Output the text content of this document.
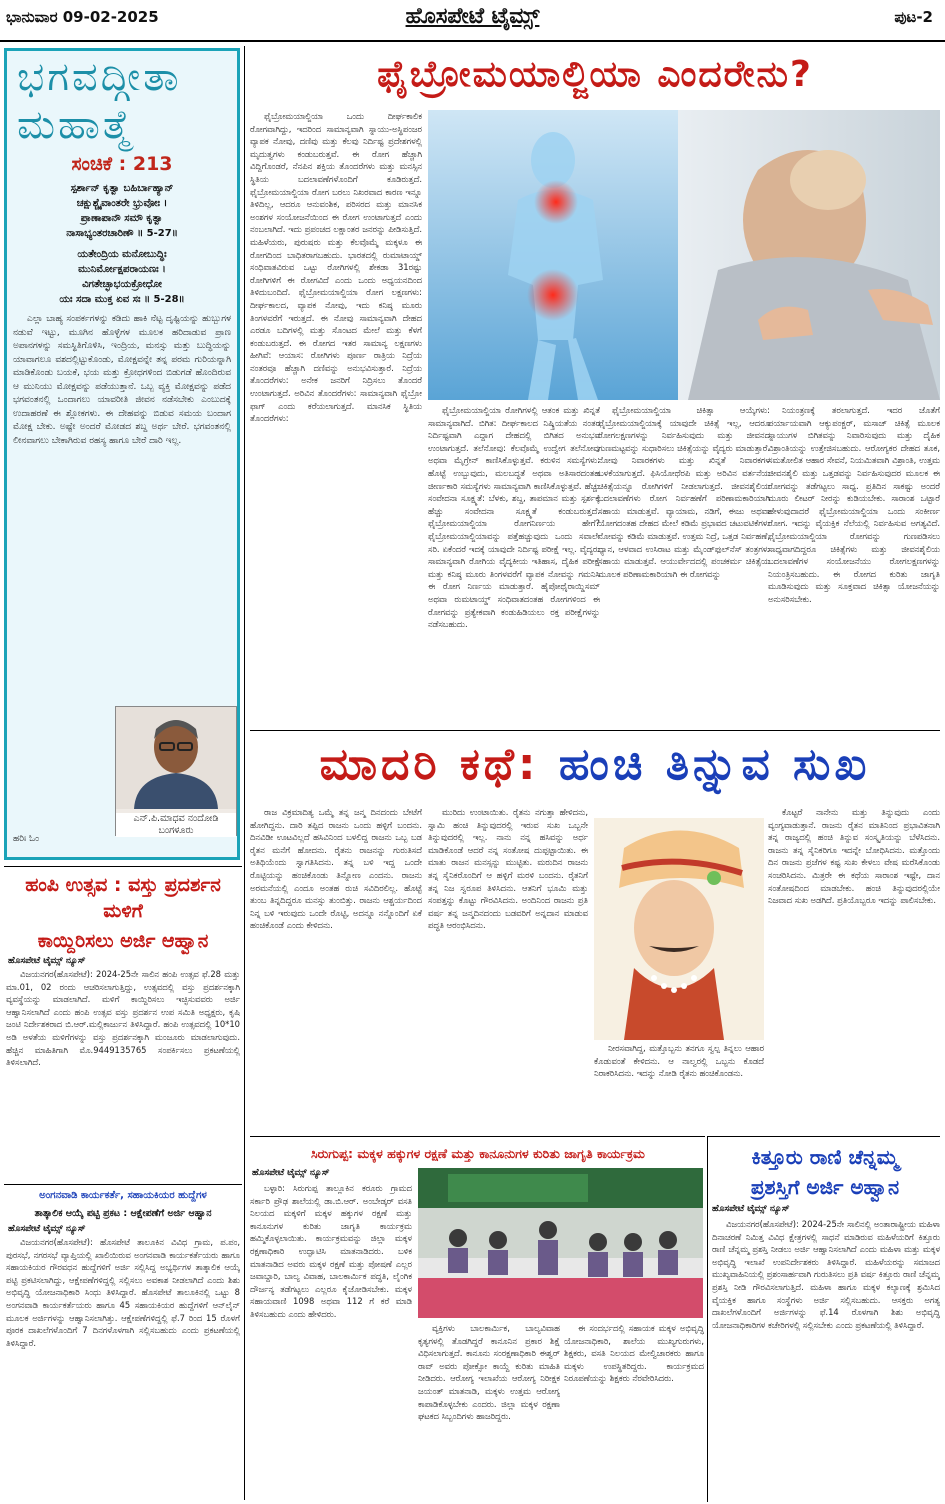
ಭಾನುವಾರ 09-02-2025	ಹೊಸಪೇಟೆ ಟೈಮ್ಸ್	ಪುಟ-2
ಭಗವದ್ಗೀತಾ
ಮಹಾತ್ಮೆ
ಸಂಚಿಕೆ : 213
ಸ್ಪರ್ಶಾನ್ ಕೃತ್ವಾ ಬಹಿರ್ಬಾಹ್ಯಾನ್
ಚಕ್ಷುಶ್ಚೈವಾಂತರೇ ಭ್ರುವೋಃ ।
ಪ್ರಾಣಾಪಾನೌ ಸಮೌ ಕೃತ್ವಾ
ನಾಸಾಭ್ಯಂತರಚಾರಿಣೌ ॥ 5-27॥
ಯತೇಂದ್ರಿಯ ಮನೋಬುದ್ಧಿಃ
ಮುನಿರ್ಮೋಕ್ಷಪರಾಯಣಃ ।
ವಿಗತೇಚ್ಛಾಭಯಕ್ರೋಧೋ
ಯಃ ಸದಾ ಮುಕ್ತ ಏವ ಸಃ ॥ 5-28॥

ಎಲ್ಲಾ ಬಾಹ್ಯ ಸಂಪರ್ಕಗಳನ್ನು ಕಡಿದು ಹಾಕಿ ನೆಟ್ಟ ದೃಷ್ಟಿಯನ್ನು ಹುಬ್ಬುಗಳ ನಡುವೆ ಇಟ್ಟು, ಮೂಗಿನ ಹೊಳ್ಳೆಗಳ ಮೂಲಕ ಹರಿದಾಡುವ ಪ್ರಾಣ ಅಪಾನಗಳನ್ನು ಸಮಸ್ಥಿತಿಗೊಳಿಸಿ, ಇಂದ್ರಿಯ, ಮನಸ್ಸು ಮತ್ತು ಬುದ್ಧಿಯನ್ನು ಯಾವಾಗಲೂ ವಶದಲ್ಲಿಟ್ಟುಕೊಂಡು, ಮೋಕ್ಷವನ್ನೇ ತನ್ನ ಪರಮ ಗುರಿಯನ್ನಾಗಿ ಮಾಡಿಕೊಂಡು ಬಯಕೆ, ಭಯ ಮತ್ತು ಕ್ರೋಧಗಳಿಂದ ಬಿಡುಗಡೆ ಹೊಂದಿರುವ ಆ ಮುನಿಯು ಮೋಕ್ಷವನ್ನು ಪಡೆಯುತ್ತಾನೆ. ಒಬ್ಬ ವ್ಯಕ್ತಿ ಮೋಕ್ಷವನ್ನು ಪಡೆದ ಭಗವಂತನಲ್ಲಿ ಒಂದಾಗಲು ಯಾವರೀತಿ ಜೀವನ ನಡೆಸಬೇಕು ಎಂಬುದಕ್ಕೆ ಉದಾಹರಣೆ ಈ ಶ್ಲೋಕಗಳು. ಈ ದೇಹವನ್ನು ಬಿಡುವ ಸಮಯ ಬಂದಾಗ ಮೋಕ್ಷ ಬೇಕು. ಅಷ್ಟೇ ಅಂದರೆ ಮೋಡದ ಶಬ್ದ ಅರ್ಥ ಬೇರೆ. ಭಗವಂತನಲ್ಲಿ ಲೀನವಾಗಲು ಬೇಕಾಗಿರುವ ರಹಸ್ಯ ಹಾಗೂ ಬೇರೆ ದಾರಿ ಇಲ್ಲ.

ಹರಿಃ ಓಂ

ಎನ್.ಪಿ.ಮಾಧವ ನಂದೋಡಿ
ಬಂಗಳೂರು
ಫೈಬ್ರೋಮಯಾಲ್ಜಿಯಾ ಎಂದರೇನು?

ಫೈಬ್ರೋಮಯಾಲ್ಜಿಯಾ ಒಂದು ದೀರ್ಘಕಾಲಿಕ ರೋಗವಾಗಿದ್ದು, ಇದರಿಂದ ಸಾಮಾನ್ಯವಾಗಿ ಸ್ನಾಯು-ಅಸ್ಥಿಪಂಜರ ವ್ಯಾಪಕ ನೋವು, ದಣಿವು ಮತ್ತು ಕೆಲವು ನಿರ್ದಿಷ್ಟ ಪ್ರದೇಶಗಳಲ್ಲಿ ಮೃದುತ್ವಗಳು ಕಂಡುಬರುತ್ತವೆ. ಈ ರೋಗ ಹೆಚ್ಚಾಗಿ ವಿದ್ದಿಗೊಂಡರೆ, ನೆನಪಿನ ಶಕ್ತಿಯ ತೊಂದರೆಗಳು ಮತ್ತು ಮನಸ್ಸಿನ ಸ್ಥಿತಿಯ ಬದಲಾವಣೆಗಳೊಂದಿಗೆ ಕೂಡಿರುತ್ತದೆ. ಫೈಬ್ರೋಮಯಾಲ್ಜಿಯಾ ರೋಗ ಬರಲು ನಿಖರವಾದ ಕಾರಣ ಇನ್ನೂ ತಿಳಿದಿಲ್ಲ, ಆದರೂ ಆನುವಂಶಿಕ, ಪರಿಸರದ ಮತ್ತು ಮಾನಸಿಕ ಅಂಶಗಳ ಸಂಯೋಜನೆಯಿಂದ ಈ ರೋಗ ಉಂಟಾಗುತ್ತದೆ ಎಂದು ನಂಬಲಾಗಿದೆ. ಇದು ಪ್ರಪಂಚದ ಲಕ್ಷಾಂತರ ಜನರನ್ನು ಪೀಡಿಸುತ್ತಿದೆ. ಮಹಿಳೆಯರು, ಪುರುಷರು ಮತ್ತು ಕೆಲವೊಮ್ಮೆ ಮಕ್ಕಳೂ ಈ ರೋಗದಿಂದ ಬಾಧಿತರಾಗಬಹುದು. ಭಾರತದಲ್ಲಿ ರುಮಾಟಾಯ್ಡ್ ಸಂಧಿವಾತವಿರುವ ಒಟ್ಟು ರೋಗಿಗಳಲ್ಲಿ ಶೇಕಡಾ 31ರಷ್ಟು ರೋಗಿಗಳಿಗೆ ಈ ರೋಗವಿದೆ ಎಂದು ಒಂದು ಅಧ್ಯಯನದಿಂದ ತಿಳಿದುಬಂದಿದೆ. ಫೈಬ್ರೋಮಯಾಲ್ಜಿಯಾ ರೋಗ ಲಕ್ಷಣಗಳು: ದೀರ್ಘಕಾಲದ, ವ್ಯಾಪಕ ನೋವು, ಇದು ಕನಿಷ್ಠ ಮೂರು ತಿಂಗಳವರೆಗೆ ಇರುತ್ತದೆ. ಈ ನೋವು ಸಾಮಾನ್ಯವಾಗಿ ದೇಹದ ಎರಡೂ ಬದಿಗಳಲ್ಲಿ ಮತ್ತು ಸೊಂಟದ ಮೇಲೆ ಮತ್ತು ಕೆಳಗೆ ಕಂಡುಬರುತ್ತದೆ. ಈ ರೋಗದ ಇತರ ಸಾಮಾನ್ಯ ಲಕ್ಷಣಗಳು ಹೀಗಿವೆ: ಆಯಾಸ: ರೋಗಿಗಳು ಪೂರ್ಣ ರಾತ್ರಿಯ ನಿದ್ರೆಯ ನಂತರವೂ ಹೆಚ್ಚಾಗಿ ದಣಿವನ್ನು ಅನುಭವಿಸುತ್ತಾರೆ. ನಿದ್ರೆಯ ತೊಂದರೆಗಳು: ಅನೇಕ ಜನರಿಗೆ ನಿದ್ರಿಸಲು ತೊಂದರೆ ಉಂಟಾಗುತ್ತದೆ. ಅರಿವಿನ ತೊಂದರೆಗಳು: ಸಾಮಾನ್ಯವಾಗಿ ಫೈಬ್ರೋ ಫಾಗ್ ಎಂದು ಕರೆಯಲಾಗುತ್ತದೆ. ಮಾನಸಿಕ ಸ್ಥಿತಿಯ ತೊಂದರೆಗಳು:

ಫೈಬ್ರೋಮಯಾಲ್ಜಿಯಾ ರೋಗಿಗಳಲ್ಲಿ ಆತಂಕ ಮತ್ತು ಖಿನ್ನತೆ ಸಾಮಾನ್ಯವಾಗಿದೆ. ಬಿಗಿತ: ದೀರ್ಘಕಾಲದ ನಿಷ್ಕ್ರಿಯತೆಯ ನಂತರ ನಿರ್ದಿಷ್ಟವಾಗಿ ಎದ್ದಾಗ ದೇಹದಲ್ಲಿ ಬಿಗಿತದ ಅನುಭವ ಉಂಟಾಗುತ್ತದೆ. ತಲೆನೋವು: ಕೆಲವೊಮ್ಮೆ ಉದ್ವೇಗ ತಲೆನೋವು ಅಥವಾ ಮೈಗ್ರೇನ್ ಕಾಣಿಸಿಕೊಳ್ಳುತ್ತವೆ. ಕರುಳಿನ ಸಮಸ್ಯೆಗಳು: ಹೊಟ್ಟೆ ಉಬ್ಬುವುದು, ಮಲಬದ್ಧತೆ ಅಥವಾ ಅತಿಸಾರದಂತಹ ಜೀರ್ಣಕಾರಿ ಸಮಸ್ಯೆಗಳು ಸಾಮಾನ್ಯವಾಗಿ ಕಾಣಿಸಿಕೊಳ್ಳುತ್ತವೆ. ಹೆಚ್ಚು ಸಂವೇದನಾ ಸೂಕ್ಷ್ಮತೆ: ಬೆಳಕು, ಶಬ್ದ, ತಾಪಮಾನ ಮತ್ತು ಸ್ಪರ್ಶಕ್ಕೆ ಹೆಚ್ಚು ಸಂವೇದನಾ ಸೂಕ್ಷ್ಮತೆ ಕಂಡುಬರುತ್ತದೆ. ಫೈಬ್ರೋಮಯಾಲ್ಜಿಯಾ ರೋಗನಿರ್ಣಯ ಹೇಗೆ? ಫೈಬ್ರೋಮಯಾಲ್ಜಿಯಾವನ್ನು ಪತ್ತೆಹಚ್ಚುವುದು ಒಂದು ಸವಾಲೇ ಸರಿ. ಏಕೆಂದರೆ ಇದಕ್ಕೆ ಯಾವುದೇ ನಿರ್ದಿಷ್ಟ ಪರೀಕ್ಷೆ ಇಲ್ಲ. ವೈದ್ಯರು ಸಾಮಾನ್ಯವಾಗಿ ರೋಗಿಯ ವೈದ್ಯಕೀಯ ಇತಿಹಾಸ, ದೈಹಿಕ ಪರೀಕ್ಷೆ ಮತ್ತು ಕನಿಷ್ಠ ಮೂರು ತಿಂಗಳವರೆಗೆ ವ್ಯಾಪಕ ನೋವನ್ನು ಗಮನಿಸಿ ಈ ರೋಗ ನಿರ್ಣಯ ಮಾಡುತ್ತಾರೆ. ಹೈಪೋಥೈರಾಯ್ಡಿಸಮ್ ಅಥವಾ ರುಮಟಾಯ್ಡ್ ಸಂಧಿವಾತದಂತಹ ರೋಗಗಳಿಂದ ಈ ರೋಗವನ್ನು ಪ್ರತ್ಯೇಕವಾಗಿ ಕಂಡುಹಿಡಿಯಲು ರಕ್ತ ಪರೀಕ್ಷೆಗಳನ್ನು ನಡೆಸಬಹುದು.

ಫೈಬ್ರೋಮಯಾಲ್ಜಿಯಾ ಚಿಕಿತ್ಸಾ ಆಯ್ಕೆಗಳು: ಫೈಬ್ರೋಮಯಾಲ್ಜಿಯಾಕ್ಕೆ ಯಾವುದೇ ಚಿಕಿತ್ಸೆ ಇಲ್ಲ, ಆದರೂ ರೋಗಲಕ್ಷಣಗಳನ್ನು ನಿರ್ವಹಿಸುವುದು ಮತ್ತು ಜೀವನದ ಗುಣಮಟ್ಟವನ್ನು ಸುಧಾರಿಸಲು ಚಿಕಿತ್ಸೆಯನ್ನು ವೈದ್ಯರು ಮಾಡುತ್ತಾರೆ. ನೋವು ನಿವಾರಕಗಳು ಮತ್ತು ಖಿನ್ನತೆ ನಿವಾರಕಗಳ ಬಳಕೆಯಾಗುತ್ತದೆ. ಫಿಸಿಯೋಥೆರಪಿ ಮತ್ತು ಅರಿವಿನ ವರ್ತನೆಯ ಚಿಕಿತ್ಸೆಯನ್ನೂ ರೋಗಿಗಳಿಗೆ ನೀಡಲಾಗುತ್ತದೆ. ಜೀವನಶೈಲಿಯ ಬದಲಾವಣೆಗಳು ರೋಗ ನಿರ್ವಹಣೆಗೆ ಪರಿಣಾಮಕಾರಿಯಾಗಿ ಸಹಾಯ ಮಾಡುತ್ತವೆ. ವ್ಯಾಯಾಮ, ನಡಿಗೆ, ಈಜು ಅಥವಾ ಯೋಗದಂತಹ ದೇಹದ ಮೇಲೆ ಕಡಿಮೆ ಪ್ರಭಾವದ ಚಟುವಟಿಕೆಗಳು ನೋವನ್ನು ಕಡಿಮೆ ಮಾಡುತ್ತವೆ. ಉತ್ತಮ ನಿದ್ರೆ, ಒತ್ತಡ ನಿರ್ವಹಣೆ, ಧ್ಯಾನ, ಆಳವಾದ ಉಸಿರಾಟ ಮತ್ತು ಮೈಂಡ್‌ಫುಲ್‌ನೆಸ್ ತಂತ್ರಗಳು ಸಹಾಯ ಮಾಡುತ್ತವೆ. ಆಯುರ್ವೇದದಲ್ಲಿ ಪಂಚಕರ್ಮ ಚಿಕಿತ್ಸೆಯ ಮೂಲಕ ಪರಿಣಾಮಕಾರಿಯಾಗಿ ಈ ರೋಗವನ್ನು

ನಿಯಂತ್ರಣಕ್ಕೆ ತರಲಾಗುತ್ತದೆ. ಇದರ ಜೊತೆಗೆ ಪರ್ಯಾಯವಾಗಿ ಆಕ್ಯುಪಂಕ್ಚರ್, ಮಸಾಜ್ ಚಿಕಿತ್ಸೆ ಮೂಲಕ ಸ್ನಾಯುಗಳ ಬಿಗಿತವನ್ನು ನಿವಾರಿಸುವುದು ಮತ್ತು ದೈಹಿಕ ವಿಶ್ರಾಂತಿಯನ್ನು ಉತ್ತೇಜಿಸಬಹುದು. ಆರೋಗ್ಯಕರ ದೇಹದ ತೂಕ, ಸಮತೋಲಿತ ಆಹಾರ ಸೇವನೆ, ನಿಯಮಿತವಾಗಿ ವಿಶ್ರಾಂತಿ, ಉತ್ತಮ ಜೀವನಶೈಲಿ ಮತ್ತು ಒತ್ತಡವನ್ನು ನಿರ್ವಹಿಸುವುದರ ಮೂಲಕ ಈ ರೋಗವನ್ನು ತಡೆಗಟ್ಟಲು ಸಾಧ್ಯ. ಪ್ರತಿದಿನ ಸಾಕಷ್ಟು ಅಂದರೆ ಮೂರು ಲೀಟರ್ ನೀರನ್ನು ಕುಡಿಯಬೇಕು. ಸಾರಾಂಶ ಒಟ್ಟಾರೆ ಹೇಳುವುದಾದರೆ ಫೈಬ್ರೋಮಯಾಲ್ಜಿಯಾ ಒಂದು ಸಂಕೀರ್ಣ ರೋಗ. ಇದನ್ನು ವೈಯಕ್ತಿಕ ನೆಲೆಯಲ್ಲಿ ನಿರ್ವಹಿಸುವ ಅಗತ್ಯವಿದೆ. ಫೈಬ್ರೋಮಯಾಲ್ಜಿಯಾ ರೋಗವನ್ನು ಗುಣಪಡಿಸಲು ಸಾಧ್ಯವಾಗದಿದ್ದರೂ ಚಿಕಿತ್ಸೆಗಳು ಮತ್ತು ಜೀವನಶೈಲಿಯ ಬದಲಾವಣೆಗಳ ಸಂಯೋಜನೆಯು ರೋಗಲಕ್ಷಣಗಳನ್ನು ನಿಯಂತ್ರಿಸಬಹುದು. ಈ ರೋಗದ ಕುರಿತು ಜಾಗೃತಿ ಮೂಡಿಸುವುದು ಮತ್ತು ಸೂಕ್ತವಾದ ಚಿಕಿತ್ಸಾ ಯೋಜನೆಯನ್ನು ಅನುಸರಿಸಬೇಕು.

ಮಾದರಿ ಕಥೆ: ಹಂಚಿ ತಿನ್ನುವ ಸುಖ

ರಾಜ ವಿಕ್ರಮಾದಿತ್ಯ ಒಮ್ಮೆ ತನ್ನ ಜನ್ಮ ದಿನದಂದು ಬೇಟೆಗೆ ಹೋಗಿದ್ದನು. ದಾರಿ ತಪ್ಪಿದ ರಾಜನು ಒಂದು ಹಳ್ಳಿಗೆ ಬಂದನು. ದಿನವಿಡೀ ಊಟವಿಲ್ಲದೆ ಹಸಿವಿನಿಂದ ಬಳಲಿದ್ದ ರಾಜನು ಒಬ್ಬ ಬಡ ರೈತನ ಮನೆಗೆ ಹೋದನು. ರೈತನು ರಾಜನನ್ನು ಗುರುತಿಸದೆ ಅತಿಥಿಯೆಂದು ಸ್ವಾಗತಿಸಿದನು. ತನ್ನ ಬಳಿ ಇದ್ದ ಒಂದೇ ರೊಟ್ಟಿಯನ್ನು ಹಂಚಿಕೊಂಡು ತಿನ್ನೋಣ ಎಂದನು. ರಾಜನು ಅರಮನೆಯಲ್ಲಿ ಎಂದೂ ಅಂತಹ ರುಚಿ ಸವಿದಿರಲಿಲ್ಲ. ಹೊಟ್ಟೆ ತುಂಬ ತಿನ್ನದಿದ್ದರೂ ಮನಸ್ಸು ತುಂಬಿತ್ತು. ರಾಜನು ಆಶ್ಚರ್ಯದಿಂದ ನಿನ್ನ ಬಳಿ ಇರುವುದು ಒಂದೇ ರೊಟ್ಟಿ, ಅದನ್ನೂ ನನ್ನೊಂದಿಗೆ ಏಕೆ ಹಂಚಿಕೊಂಡೆ ಎಂದು ಕೇಳಿದನು.

ಮುರಿದು ಉಂಟಾಯಿತು. ರೈತನು ನಗುತ್ತಾ ಹೇಳಿದನು, ಸ್ವಾಮಿ ಹಂಚಿ ತಿನ್ನುವುದರಲ್ಲಿ ಇರುವ ಸುಖ ಒಬ್ಬನೇ ತಿನ್ನುವುದರಲ್ಲಿ ಇಲ್ಲ. ನಾನು ನನ್ನ ಹಸಿವನ್ನು ಅರ್ಧ ಮಾಡಿಕೊಂಡೆ ಆದರೆ ನನ್ನ ಸಂತೋಷ ದುಪ್ಪಟ್ಟಾಯಿತು. ಈ ಮಾತು ರಾಜನ ಮನಸ್ಸನ್ನು ಮುಟ್ಟಿತು. ಮರುದಿನ ರಾಜನು ತನ್ನ ಸೈನಿಕರೊಂದಿಗೆ ಆ ಹಳ್ಳಿಗೆ ಮರಳಿ ಬಂದನು. ರೈತನಿಗೆ ತನ್ನ ನಿಜ ಸ್ವರೂಪ ತಿಳಿಸಿದನು. ಆತನಿಗೆ ಭೂಮಿ ಮತ್ತು ಸಂಪತ್ತನ್ನು ಕೊಟ್ಟು ಗೌರವಿಸಿದನು. ಅಂದಿನಿಂದ ರಾಜನು ಪ್ರತಿ ವರ್ಷ ತನ್ನ ಜನ್ಮದಿನದಂದು ಬಡವರಿಗೆ ಅನ್ನದಾನ ಮಾಡುವ ಪದ್ಧತಿ ಆರಂಭಿಸಿದನು.

ನೀರಸವಾಗಿದ್ದ, ಮತ್ತೊಬ್ಬನು ತನಗೂ ಸ್ವಲ್ಪ ತಿನ್ನಲು ಆಹಾರ ಕೊಡುವಂತೆ ಕೇಳಿದನು. ಆ ನಾಲ್ವರಲ್ಲಿ ಒಬ್ಬನು ಕೊಡದೆ ನಿರಾಕರಿಸಿದನು. ಇದನ್ನು ನೋಡಿ ರೈತನು ಹಂಚಿಕೊಂಡನು.

ಕೊಟ್ಟರೆ ನಾನೇನು ಮತ್ತು ತಿನ್ನುವುದು ಎಂದು ವ್ಯಂಗ್ಯವಾಡುತ್ತಾನೆ. ರಾಜನು ರೈತನ ಮಾತಿನಿಂದ ಪ್ರಭಾವಿತನಾಗಿ ತನ್ನ ರಾಜ್ಯದಲ್ಲಿ ಹಂಚಿ ತಿನ್ನುವ ಸಂಸ್ಕೃತಿಯನ್ನು ಬೆಳೆಸಿದನು. ರಾಜನು ತನ್ನ ಸೈನಿಕರಿಗೂ ಇದನ್ನೇ ಬೋಧಿಸಿದನು. ಮತ್ತೊಂದು ದಿನ ರಾಜನು ಪ್ರಜೆಗಳ ಕಷ್ಟ ಸುಖ ಕೇಳಲು ವೇಷ ಮರೆಸಿಕೊಂಡು ಸಂಚರಿಸಿದನು. ಮಿತ್ರರೇ ಈ ಕಥೆಯ ಸಾರಾಂಶ ಇಷ್ಟೇ, ದಾನ ಸಂತೋಷದಿಂದ ಮಾಡಬೇಕು. ಹಂಚಿ ತಿನ್ನುವುದರಲ್ಲಿಯೇ ನಿಜವಾದ ಸುಖ ಅಡಗಿದೆ. ಪ್ರತಿಯೊಬ್ಬರೂ ಇದನ್ನು ಪಾಲಿಸಬೇಕು.

ಸಿರುಗುಪ್ಪ: ಮಕ್ಕಳ ಹಕ್ಕುಗಳ ರಕ್ಷಣೆ ಮತ್ತು ಕಾನೂನುಗಳ ಕುರಿತು ಜಾಗೃತಿ ಕಾರ್ಯಕ್ರಮ
ಹೊಸಪೇಟೆ ಟೈಮ್ಸ್ ನ್ಯೂಸ್

ಬಳ್ಳಾರಿ: ಸಿರುಗುಪ್ಪ ತಾಲ್ಲೂಕಿನ ಕರೂರು ಗ್ರಾಮದ ಸರ್ಕಾರಿ ಪ್ರೌಢ ಶಾಲೆಯಲ್ಲಿ ಡಾ.ಬಿ.ಆರ್. ಅಂಬೇಡ್ಕರ್ ವಸತಿ ನಿಲಯದ ಮಕ್ಕಳಿಗೆ ಮಕ್ಕಳ ಹಕ್ಕುಗಳ ರಕ್ಷಣೆ ಮತ್ತು ಕಾನೂನುಗಳ ಕುರಿತು ಜಾಗೃತಿ ಕಾರ್ಯಕ್ರಮ ಹಮ್ಮಿಕೊಳ್ಳಲಾಯಿತು. ಕಾರ್ಯಕ್ರಮವನ್ನು ಜಿಲ್ಲಾ ಮಕ್ಕಳ ರಕ್ಷಣಾಧಿಕಾರಿ ಉದ್ಘಾಟಿಸಿ ಮಾತನಾಡಿದರು. ಬಳಿಕ ಮಾತನಾಡಿದ ಅವರು ಮಕ್ಕಳ ರಕ್ಷಣೆ ಮತ್ತು ಪೋಷಣೆ ಎಲ್ಲರ ಜವಾಬ್ದಾರಿ, ಬಾಲ್ಯ ವಿವಾಹ, ಬಾಲಕಾರ್ಮಿಕ ಪದ್ಧತಿ, ಲೈಂಗಿಕ ದೌರ್ಜನ್ಯ ತಡೆಗಟ್ಟಲು ಎಲ್ಲರೂ ಕೈಜೋಡಿಸಬೇಕು. ಮಕ್ಕಳ ಸಹಾಯವಾಣಿ 1098 ಅಥವಾ 112 ಗೆ ಕರೆ ಮಾಡಿ ತಿಳಿಸಬಹುದು ಎಂದು ಹೇಳಿದರು.

ವ್ಯಕ್ತಿಗಳು ಬಾಲಕಾರ್ಮಿಕ, ಬಾಲ್ಯವಿವಾಹ ಕೃತ್ಯಗಳಲ್ಲಿ ತೊಡಗಿದ್ದರೆ ಕಾನೂನಿನ ಪ್ರಕಾರ ಶಿಕ್ಷೆ ವಿಧಿಸಲಾಗುತ್ತದೆ. ಕಾನೂನು ಸಂರಕ್ಷಣಾಧಿಕಾರಿ ಈಶ್ವರ್ ರಾವ್ ಅವರು ಪೋಕ್ಸೋ ಕಾಯ್ದೆ ಕುರಿತು ಮಾಹಿತಿ ನೀಡಿದರು. ಆರೋಗ್ಯ ಇಲಾಖೆಯ ಆರೋಗ್ಯ ನಿರೀಕ್ಷಕ ಜಯಂತ್ ಮಾತನಾಡಿ, ಮಕ್ಕಳು ಉತ್ತಮ ಆರೋಗ್ಯ ಕಾಪಾಡಿಕೊಳ್ಳಬೇಕು ಎಂದರು. ಜಿಲ್ಲಾ ಮಕ್ಕಳ ರಕ್ಷಣಾ ಘಟಕದ ಸಿಬ್ಬಂದಿಗಳು ಹಾಜರಿದ್ದರು.

ಈ ಸಂದರ್ಭದಲ್ಲಿ ಸಹಾಯಕ ಮಕ್ಕಳ ಅಭಿವೃದ್ಧಿ ಯೋಜನಾಧಿಕಾರಿ, ಶಾಲೆಯ ಮುಖ್ಯಗುರುಗಳು, ಶಿಕ್ಷಕರು, ವಸತಿ ನಿಲಯದ ಮೇಲ್ವಿಚಾರಕರು ಹಾಗೂ ಮಕ್ಕಳು ಉಪಸ್ಥಿತರಿದ್ದರು. ಕಾರ್ಯಕ್ರಮದ ನಿರೂಪಣೆಯನ್ನು ಶಿಕ್ಷಕರು ನೆರವೇರಿಸಿದರು.

ಕಿತ್ತೂರು ರಾಣಿ ಚೆನ್ನಮ್ಮ
ಪ್ರಶಸ್ತಿಗೆ ಅರ್ಜಿ ಅಹ್ವಾನ
ಹೊಸಪೇಟೆ ಟೈಮ್ಸ್ ನ್ಯೂಸ್

ವಿಜಯನಗರ(ಹೊಸಪೇಟೆ): 2024-25ನೇ ಸಾಲಿನಲ್ಲಿ ಅಂತಾರಾಷ್ಟ್ರೀಯ ಮಹಿಳಾ ದಿನಾಚರಣೆ ನಿಮಿತ್ತ ವಿವಿಧ ಕ್ಷೇತ್ರಗಳಲ್ಲಿ ಸಾಧನೆ ಮಾಡಿರುವ ಮಹಿಳೆಯರಿಗೆ ಕಿತ್ತೂರು ರಾಣಿ ಚೆನ್ನಮ್ಮ ಪ್ರಶಸ್ತಿ ನೀಡಲು ಅರ್ಜಿ ಆಹ್ವಾನಿಸಲಾಗಿದೆ ಎಂದು ಮಹಿಳಾ ಮತ್ತು ಮಕ್ಕಳ ಅಭಿವೃದ್ಧಿ ಇಲಾಖೆ ಉಪನಿರ್ದೇಶಕರು ತಿಳಿಸಿದ್ದಾರೆ. ಮಹಿಳೆಯರನ್ನು ಸಮಾಜದ ಮುಖ್ಯವಾಹಿನಿಯಲ್ಲಿ ಪ್ರಶಂಸಾರ್ಹವಾಗಿ ಗುರುತಿಸಲು ಪ್ರತಿ ವರ್ಷ ಕಿತ್ತೂರು ರಾಣಿ ಚೆನ್ನಮ್ಮ ಪ್ರಶಸ್ತಿ ನೀಡಿ ಗೌರವಿಸಲಾಗುತ್ತಿದೆ. ಮಹಿಳಾ ಹಾಗೂ ಮಕ್ಕಳ ಕಲ್ಯಾಣಕ್ಕೆ ಶ್ರಮಿಸಿದ ವೈಯಕ್ತಿಕ ಹಾಗೂ ಸಂಸ್ಥೆಗಳು ಅರ್ಜಿ ಸಲ್ಲಿಸಬಹುದು. ಆಸಕ್ತರು ಅಗತ್ಯ ದಾಖಲೆಗಳೊಂದಿಗೆ ಅರ್ಜಿಗಳನ್ನು ಫೆ.14 ರೊಳಗಾಗಿ ಶಿಶು ಅಭಿವೃದ್ಧಿ ಯೋಜನಾಧಿಕಾರಿಗಳ ಕಚೇರಿಗಳಲ್ಲಿ ಸಲ್ಲಿಸಬೇಕು ಎಂದು ಪ್ರಕಟಣೆಯಲ್ಲಿ ತಿಳಿಸಿದ್ದಾರೆ.

ಹಂಪಿ ಉತ್ಸವ : ವಸ್ತು ಪ್ರದರ್ಶನ ಮಳಿಗೆ
ಕಾಯ್ದಿರಿಸಲು ಅರ್ಜಿ ಆಹ್ವಾನ
ಹೊಸಪೇಟೆ ಟೈಮ್ಸ್ ನ್ಯೂಸ್

ವಿಜಯನಗರ(ಹೊಸಪೇಟೆ): 2024-25ನೇ ಸಾಲಿನ ಹಂಪಿ ಉತ್ಸವ ಫೆ.28 ಮತ್ತು ಮಾ.01, 02 ರಂದು ಆಚರಿಸಲಾಗುತ್ತಿದ್ದು, ಉತ್ಸವದಲ್ಲಿ ವಸ್ತು ಪ್ರದರ್ಶನಕ್ಕಾಗಿ ವ್ಯವಸ್ಥೆಯನ್ನು ಮಾಡಲಾಗಿದೆ. ಮಳಿಗೆ ಕಾಯ್ದಿರಿಸಲು ಇಚ್ಛಿಸುವವರು ಅರ್ಜಿ ಆಹ್ವಾನಿಸಲಾಗಿದೆ ಎಂದು ಹಂಪಿ ಉತ್ಸವ ವಸ್ತು ಪ್ರದರ್ಶನ ಉಪ ಸಮಿತಿ ಅಧ್ಯಕ್ಷರು, ಕೃಷಿ ಜಂಟಿ ನಿರ್ದೇಶಕರಾದ ಬಿ.ಆರ್.ಮಲ್ಲಿಕಾರ್ಜುನ ತಿಳಿಸಿದ್ದಾರೆ. ಹಂಪಿ ಉತ್ಸವದಲ್ಲಿ 10*10 ಅಡಿ ಅಳತೆಯ ಮಳಿಗೆಗಳನ್ನು ವಸ್ತು ಪ್ರದರ್ಶನಕ್ಕಾಗಿ ಮಂಜೂರು ಮಾಡಲಾಗುವುದು. ಹೆಚ್ಚಿನ ಮಾಹಿತಿಗಾಗಿ ಮೊ.9449135765 ಸಂಪರ್ಕಿಸಲು ಪ್ರಕಟಣೆಯಲ್ಲಿ ತಿಳಿಸಲಾಗಿದೆ.

ಅಂಗನವಾಡಿ ಕಾರ್ಯಕರ್ತೆ, ಸಹಾಯಕಿಯರ ಹುದ್ದೆಗಳ
ತಾತ್ಕಾಲಿಕ ಆಯ್ಕೆ ಪಟ್ಟಿ ಪ್ರಕಟ : ಆಕ್ಷೇಪಣೆಗೆ ಅರ್ಜಿ ಆಹ್ವಾನ
ಹೊಸಪೇಟೆ ಟೈಮ್ಸ್ ನ್ಯೂಸ್

ವಿಜಯನಗರ(ಹೊಸಪೇಟೆ): ಹೊಸಪೇಟೆ ತಾಲೂಕಿನ ವಿವಿಧ ಗ್ರಾಮ, ಪ.ಪಂ, ಪುರಸಭೆ, ನಗರಸಭೆ ವ್ಯಾಪ್ತಿಯಲ್ಲಿ ಖಾಲಿಯಿರುವ ಅಂಗನವಾಡಿ ಕಾರ್ಯಕರ್ತೆಯರು ಹಾಗೂ ಸಹಾಯಕಿಯರ ಗೌರವಧನ ಹುದ್ದೆಗಳಿಗೆ ಅರ್ಜಿ ಸಲ್ಲಿಸಿದ್ದ ಅಭ್ಯರ್ಥಿಗಳ ತಾತ್ಕಾಲಿಕ ಆಯ್ಕೆ ಪಟ್ಟಿ ಪ್ರಕಟಿಸಲಾಗಿದ್ದು, ಆಕ್ಷೇಪಣೆಗಳಿದ್ದಲ್ಲಿ ಸಲ್ಲಿಸಲು ಅವಕಾಶ ನೀಡಲಾಗಿದೆ ಎಂದು ಶಿಶು ಅಭಿವೃದ್ಧಿ ಯೋಜನಾಧಿಕಾರಿ ಸಿಂಧು ತಿಳಿಸಿದ್ದಾರೆ. ಹೊಸಪೇಟೆ ತಾಲೂಕಿನಲ್ಲಿ ಒಟ್ಟು 8 ಅಂಗನವಾಡಿ ಕಾರ್ಯಕರ್ತೆಯರು ಹಾಗೂ 45 ಸಹಾಯಕಿಯರ ಹುದ್ದೆಗಳಿಗೆ ಆನ್‌ಲೈನ್ ಮೂಲಕ ಅರ್ಜಿಗಳನ್ನು ಆಹ್ವಾನಿಸಲಾಗಿತ್ತು. ಆಕ್ಷೇಪಣೆಗಳಿದ್ದಲ್ಲಿ ಫೆ.7 ರಿಂದ 15 ರೊಳಗೆ ಪೂರಕ ದಾಖಲೆಗಳೊಂದಿಗೆ 7 ದಿನಗಳೊಳಗಾಗಿ ಸಲ್ಲಿಸಬಹುದು ಎಂದು ಪ್ರಕಟಣೆಯಲ್ಲಿ ತಿಳಿಸಿದ್ದಾರೆ.
